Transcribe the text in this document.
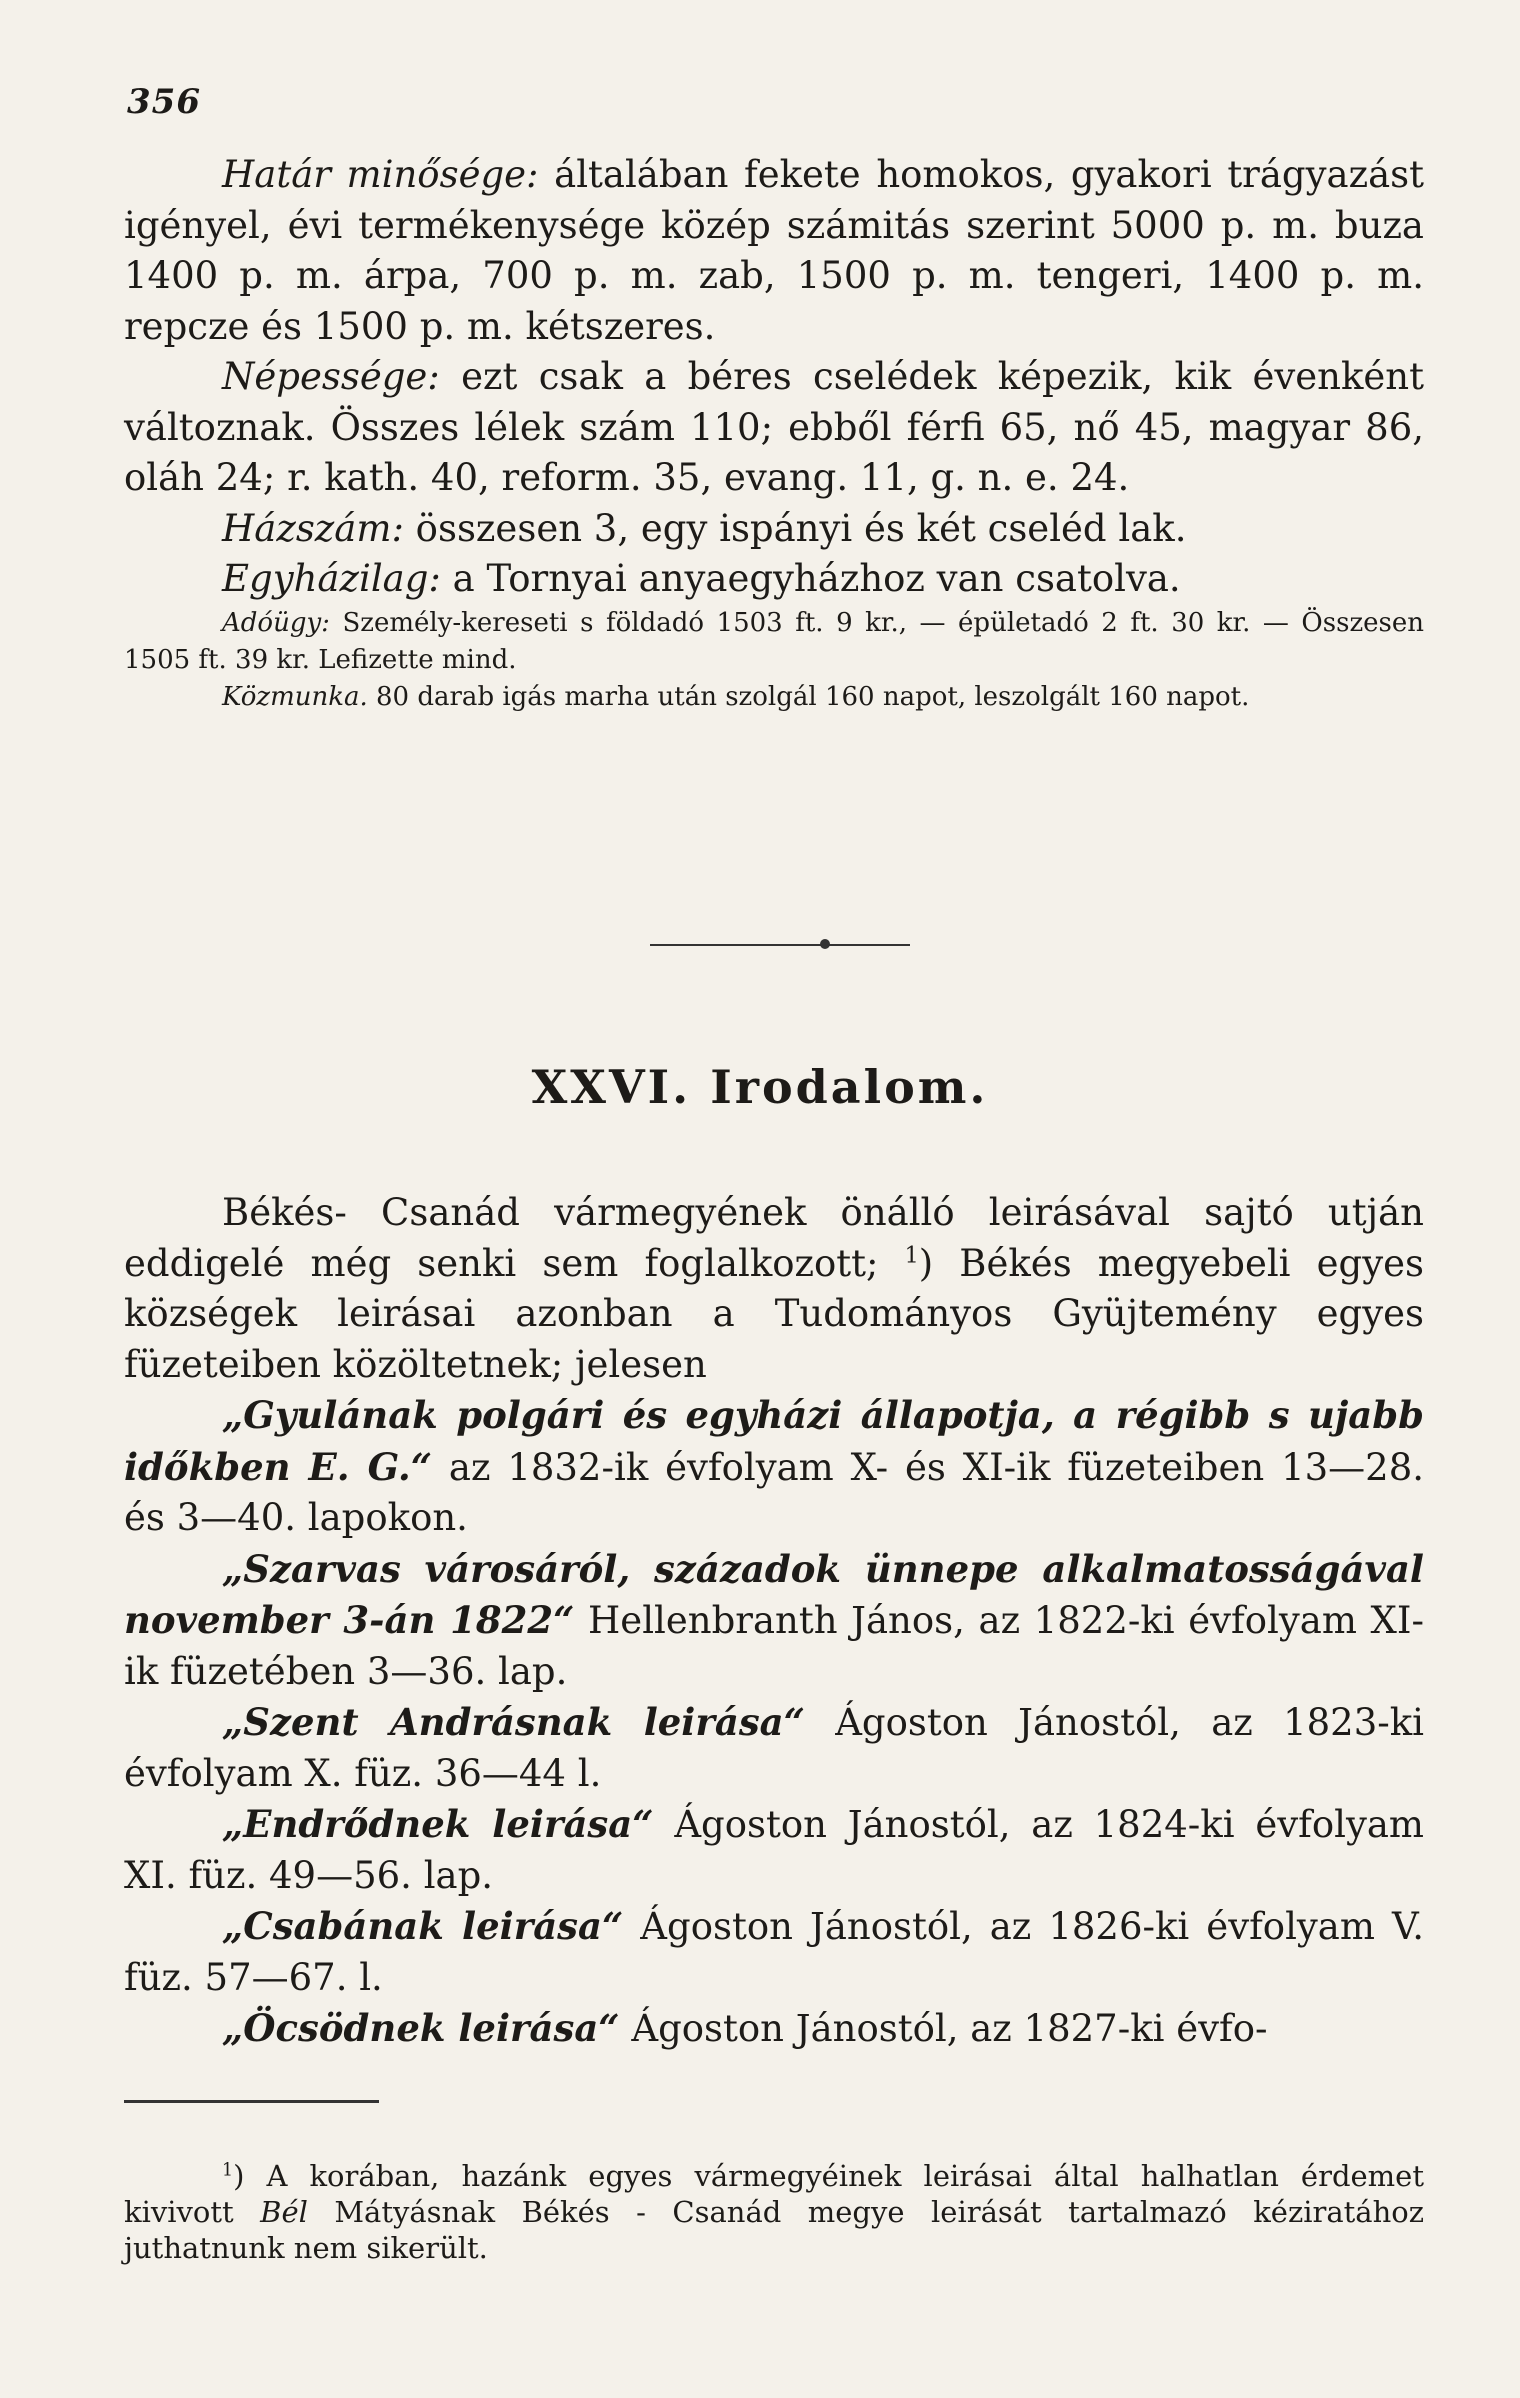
356

Határ minősége: általában fekete homokos, gyakori trágyazást igényel, évi termékenysége közép számitás szerint 5000 p. m. buza 1400 p. m. árpa, 700 p. m. zab, 1500 p. m. tengeri, 1400 p. m. repcze és 1500 p. m. kétszeres.

Népessége: ezt csak a béres cselédek képezik, kik évenként változnak. Összes lélek szám 110; ebből férfi 65, nő 45, magyar 86, oláh 24; r. kath. 40, reform. 35, evang. 11, g. n. e. 24.

Házszám: összesen 3, egy ispányi és két cseléd lak.

Egyházilag: a Tornyai anyaegyházhoz van csatolva.

Adóügy: Személy-kereseti s földadó 1503 ft. 9 kr., — épületadó 2 ft. 30 kr. — Összesen 1505 ft. 39 kr. Lefizette mind.

Közmunka. 80 darab igás marha után szolgál 160 napot, leszolgált 160 napot.

XXVI. Irodalom.

Békés- Csanád vármegyének önálló leirásával sajtó utján eddigelé még senki sem foglalkozott; $^1$) Békés megyebeli egyes községek leirásai azonban a Tudományos Gyüjtemény egyes füzeteiben közöltetnek; jelesen

„Gyulának polgári és egyházi állapotja, a régibb s ujabb időkben E. G.“ az 1832-ik évfolyam X- és XI-ik füzeteiben 13—28. és 3—40. lapokon.

„Szarvas városáról, századok ünnepe alkalmatosságával november 3-án 1822“ Hellenbranth János, az 1822-ki évfolyam XI-ik füzetében 3—36. lap.

„Szent Andrásnak leirása“ Ágoston Jánostól, az 1823-ki évfolyam X. füz. 36—44 l.

„Endrődnek leirása“ Ágoston Jánostól, az 1824-ki évfolyam XI. füz. 49—56. lap.

„Csabának leirása“ Ágoston Jánostól, az 1826-ki évfolyam V. füz. 57—67. l.

„Öcsödnek leirása“ Ágoston Jánostól, az 1827-ki évfo-

$^1$) A korában, hazánk egyes vármegyéinek leirásai által halhatlan érdemet kivivott Bél Mátyásnak Békés - Csanád megye leirását tartalmazó kéziratához juthatnunk nem sikerült.
